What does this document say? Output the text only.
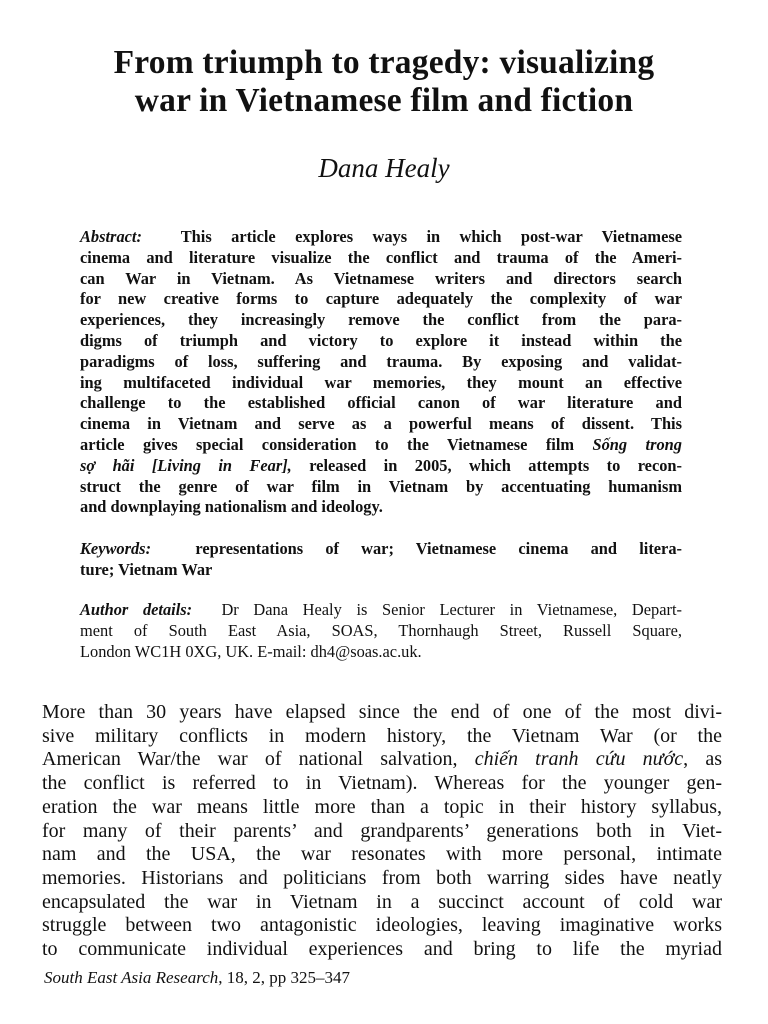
From triumph to tragedy: visualizing
war in Vietnamese film and fiction
Dana Healy
Abstract: This article explores ways in which post-war Vietnamese
cinema and literature visualize the conflict and trauma of the Ameri-
can War in Vietnam. As Vietnamese writers and directors search
for new creative forms to capture adequately the complexity of war
experiences, they increasingly remove the conflict from the para-
digms of triumph and victory to explore it instead within the
paradigms of loss, suffering and trauma. By exposing and validat-
ing multifaceted individual war memories, they mount an effective
challenge to the established official canon of war literature and
cinema in Vietnam and serve as a powerful means of dissent. This
article gives special consideration to the Vietnamese film Sống trong
sợ hãi [Living in Fear], released in 2005, which attempts to recon-
struct the genre of war film in Vietnam by accentuating humanism
and downplaying nationalism and ideology.
Keywords:	representations of war; Vietnamese cinema and litera-
ture; Vietnam War
Author details: Dr Dana Healy is Senior Lecturer in Vietnamese, Depart-
ment of South East Asia, SOAS, Thornhaugh Street, Russell Square,
London WC1H 0XG, UK. E-mail: dh4@soas.ac.uk.
More than 30 years have elapsed since the end of one of the most divi-
sive military conflicts in modern history, the Vietnam War (or the
American War/the war of national salvation, chiến tranh cứu nước, as
the conflict is referred to in Vietnam). Whereas for the younger gen-
eration the war means little more than a topic in their history syllabus,
for many of their parents’ and grandparents’ generations both in Viet-
nam and the USA, the war resonates with more personal, intimate
memories. Historians and politicians from both warring sides have neatly
encapsulated the war in Vietnam in a succinct account of cold war
struggle between two antagonistic ideologies, leaving imaginative works
to communicate individual experiences and bring to life the myriad
South East Asia Research, 18, 2, pp 325–347
